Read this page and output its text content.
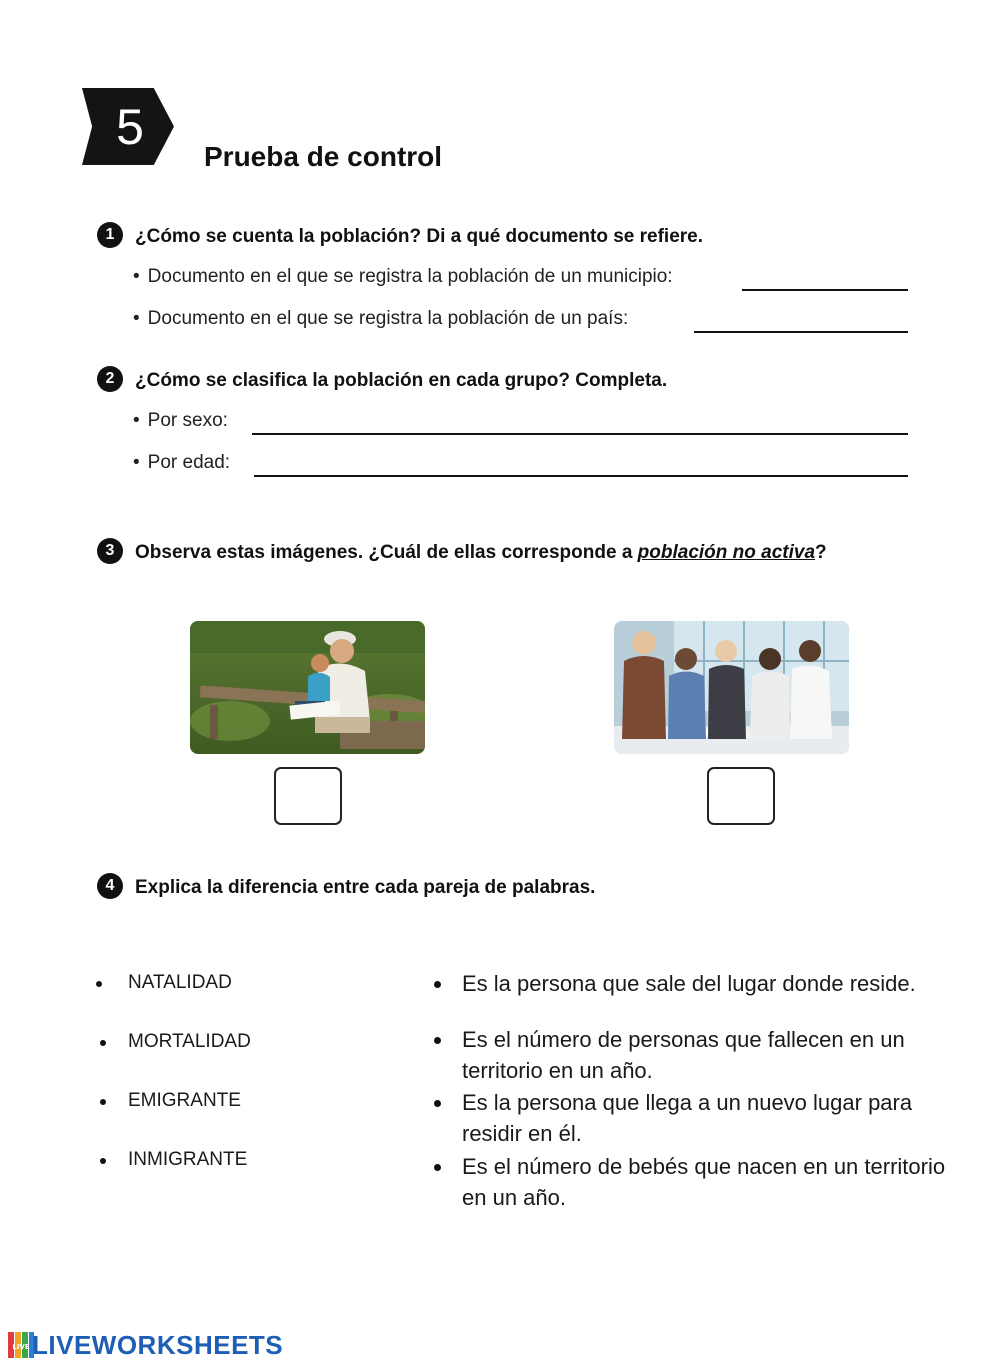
5
Prueba de control
1	¿Cómo se cuenta la población? Di a qué documento se refiere.
• Documento en el que se registra la población de un municipio:
• Documento en el que se registra la población de un país:
2	¿Cómo se clasifica la población en cada grupo? Completa.
• Por sexo:
• Por edad:
3	Observa estas imágenes. ¿Cuál de ellas corresponde a población no activa?
4	Explica la diferencia entre cada pareja de palabras.
NATALIDAD
MORTALIDAD
EMIGRANTE
INMIGRANTE
Es la persona que sale del lugar donde reside.
Es el número de personas que fallecen en un territorio en un año.
Es la persona que llega a un nuevo lugar para residir en él.
Es el número de bebés que nacen en un territorio en un año.
LIVE LIVEWORKSHEETS
